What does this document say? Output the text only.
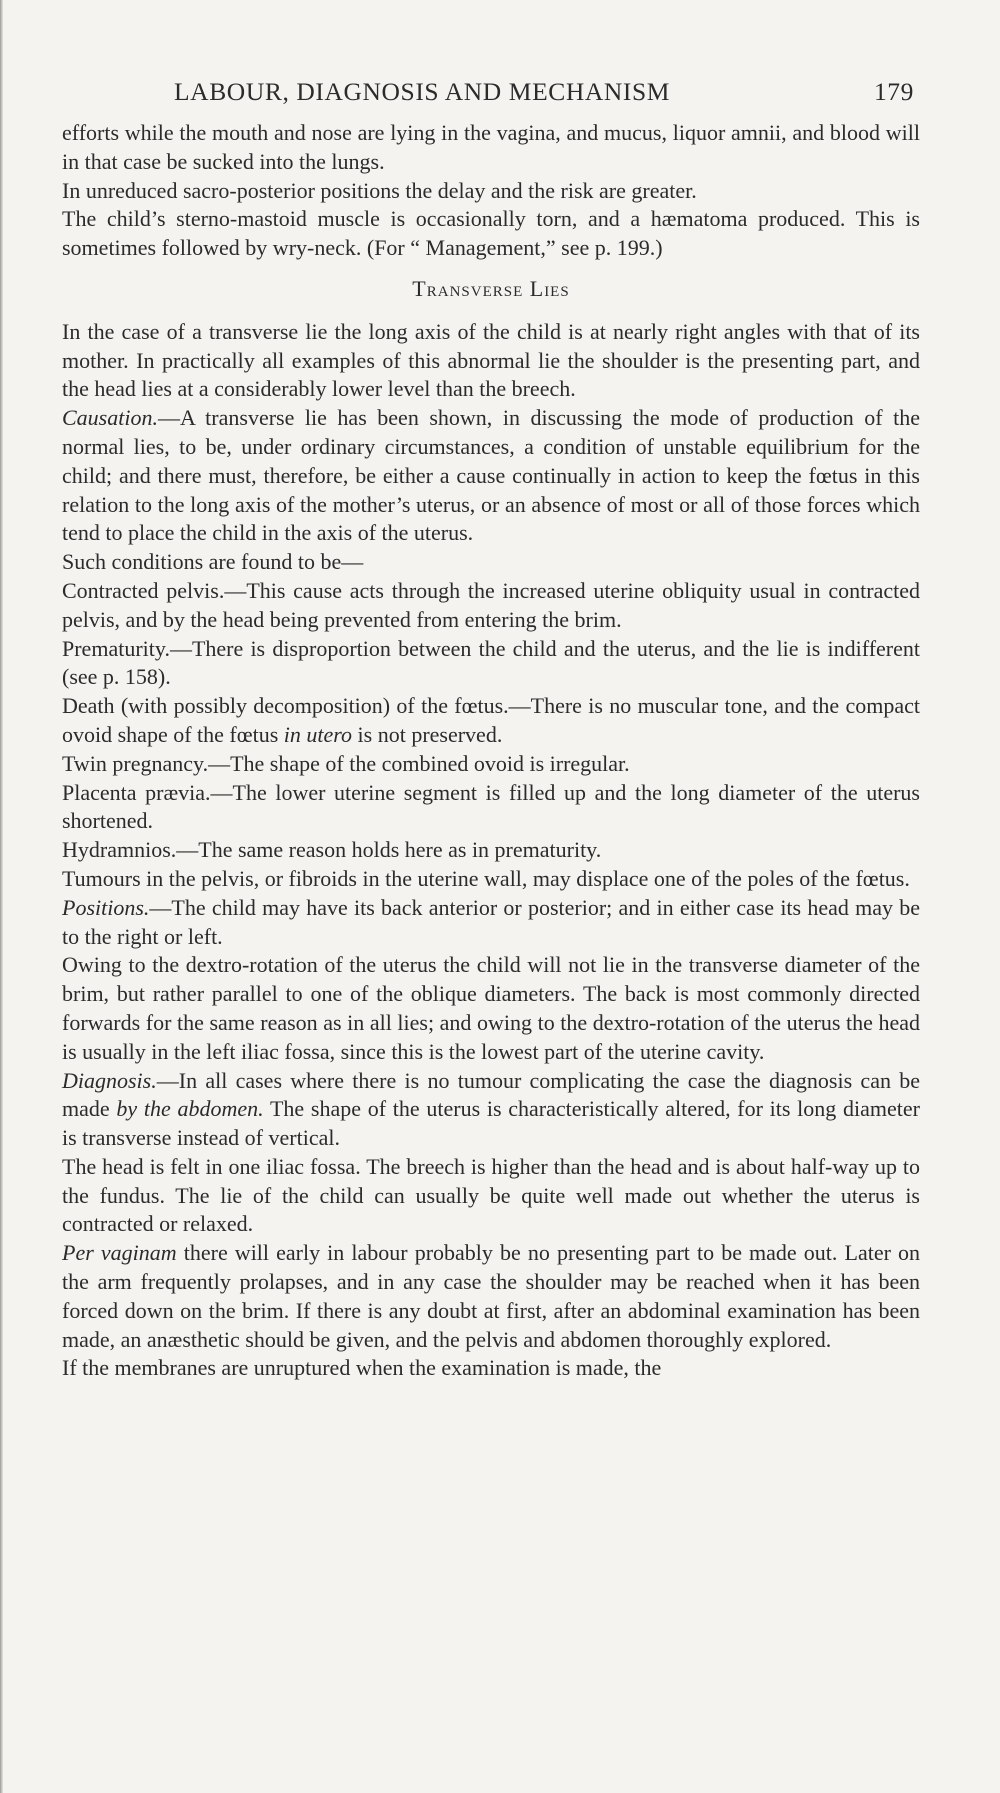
LABOUR, DIAGNOSIS AND MECHANISM	179

efforts while the mouth and nose are lying in the vagina, and mucus, liquor amnii, and blood will in that case be sucked into the lungs.

In unreduced sacro-posterior positions the delay and the risk are greater.

The child’s sterno-mastoid muscle is occasionally torn, and a hæmatoma produced. This is sometimes followed by wry-neck. (For “ Management,” see p. 199.)

Transverse Lies

In the case of a transverse lie the long axis of the child is at nearly right angles with that of its mother. In practically all examples of this abnormal lie the shoulder is the presenting part, and the head lies at a considerably lower level than the breech.

Causation.—A transverse lie has been shown, in discussing the mode of production of the normal lies, to be, under ordinary circumstances, a condition of unstable equilibrium for the child; and there must, therefore, be either a cause continually in action to keep the fœtus in this relation to the long axis of the mother’s uterus, or an absence of most or all of those forces which tend to place the child in the axis of the uterus.

Such conditions are found to be—

Contracted pelvis.—This cause acts through the increased uterine obliquity usual in contracted pelvis, and by the head being prevented from entering the brim.

Prematurity.—There is disproportion between the child and the uterus, and the lie is indifferent (see p. 158).

Death (with possibly decomposition) of the fœtus.—There is no muscular tone, and the compact ovoid shape of the fœtus in utero is not preserved.

Twin pregnancy.—The shape of the combined ovoid is irregular.

Placenta prævia.—The lower uterine segment is filled up and the long diameter of the uterus shortened.

Hydramnios.—The same reason holds here as in prematurity.

Tumours in the pelvis, or fibroids in the uterine wall, may displace one of the poles of the fœtus.

Positions.—The child may have its back anterior or posterior; and in either case its head may be to the right or left.

Owing to the dextro-rotation of the uterus the child will not lie in the transverse diameter of the brim, but rather parallel to one of the oblique diameters. The back is most commonly directed forwards for the same reason as in all lies; and owing to the dextro-rotation of the uterus the head is usually in the left iliac fossa, since this is the lowest part of the uterine cavity.

Diagnosis.—In all cases where there is no tumour complicating the case the diagnosis can be made by the abdomen. The shape of the uterus is characteristically altered, for its long diameter is transverse instead of vertical.

The head is felt in one iliac fossa. The breech is higher than the head and is about half-way up to the fundus. The lie of the child can usually be quite well made out whether the uterus is contracted or relaxed.

Per vaginam there will early in labour probably be no presenting part to be made out. Later on the arm frequently prolapses, and in any case the shoulder may be reached when it has been forced down on the brim. If there is any doubt at first, after an abdominal examination has been made, an anæsthetic should be given, and the pelvis and abdomen thoroughly explored.

If the membranes are unruptured when the examination is made, the
